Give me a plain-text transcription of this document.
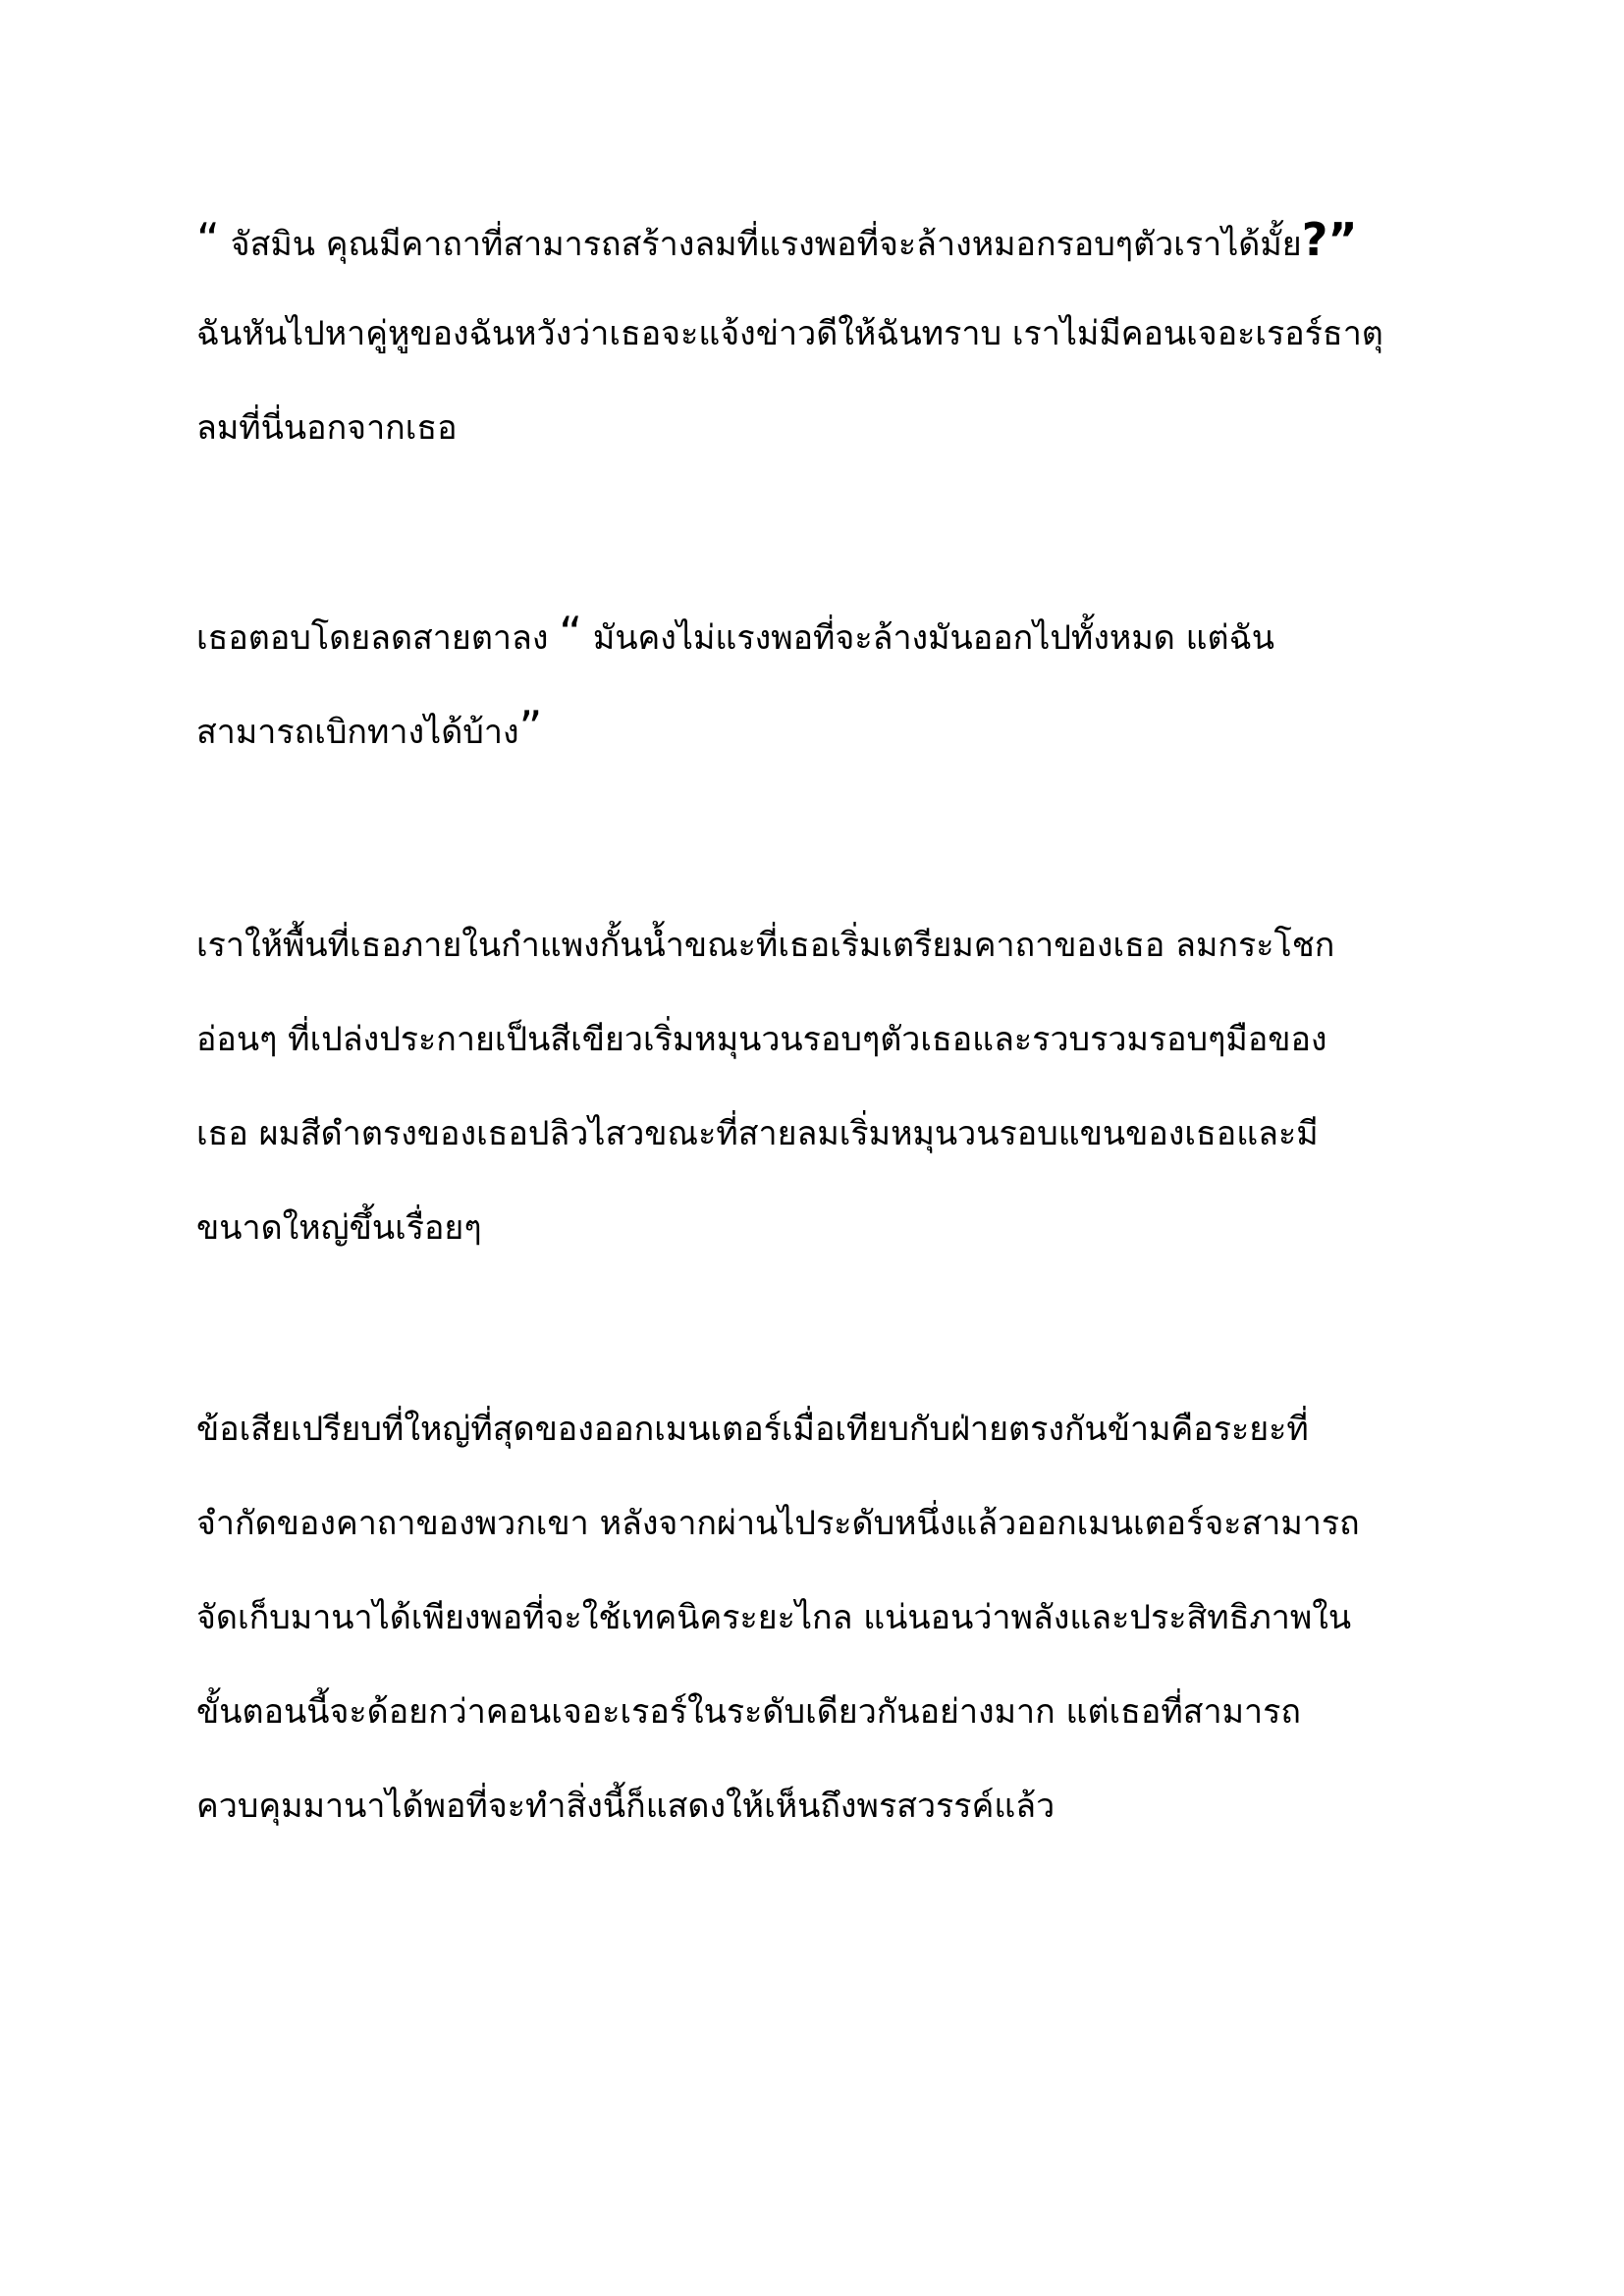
“ จัสมิน คุณมีคาถาที่สามารถสร้างลมที่แรงพอที่จะล้างหมอกรอบๆตัวเราได้มั้ย?”
ฉันหันไปหาคู่หูของฉันหวังว่าเธอจะแจ้งข่าวดีให้ฉันทราบ เราไม่มีคอนเจอะเรอร์ธาตุ
ลมที่นี่นอกจากเธอ
เธอตอบโดยลดสายตาลง “ มันคงไม่แรงพอที่จะล้างมันออกไปทั้งหมด แต่ฉัน
สามารถเบิกทางได้บ้าง”
เราให้พื้นที่เธอภายในกำแพงกั้นน้ำขณะที่เธอเริ่มเตรียมคาถาของเธอ ลมกระโชก
อ่อนๆ ที่เปล่งประกายเป็นสีเขียวเริ่มหมุนวนรอบๆตัวเธอและรวบรวมรอบๆมือของ
เธอ ผมสีดำตรงของเธอปลิวไสวขณะที่สายลมเริ่มหมุนวนรอบแขนของเธอและมี
ขนาดใหญ่ขึ้นเรื่อยๆ
ข้อเสียเปรียบที่ใหญ่ที่สุดของออกเมนเตอร์เมื่อเทียบกับฝ่ายตรงกันข้ามคือระยะที่
จำกัดของคาถาของพวกเขา หลังจากผ่านไประดับหนึ่งแล้วออกเมนเตอร์จะสามารถ
จัดเก็บมานาได้เพียงพอที่จะใช้เทคนิคระยะไกล แน่นอนว่าพลังและประสิทธิภาพใน
ขั้นตอนนี้จะด้อยกว่าคอนเจอะเรอร์ในระดับเดียวกันอย่างมาก แต่เธอที่สามารถ
ควบคุมมานาได้พอที่จะทำสิ่งนี้ก็แสดงให้เห็นถึงพรสวรรค์แล้ว
